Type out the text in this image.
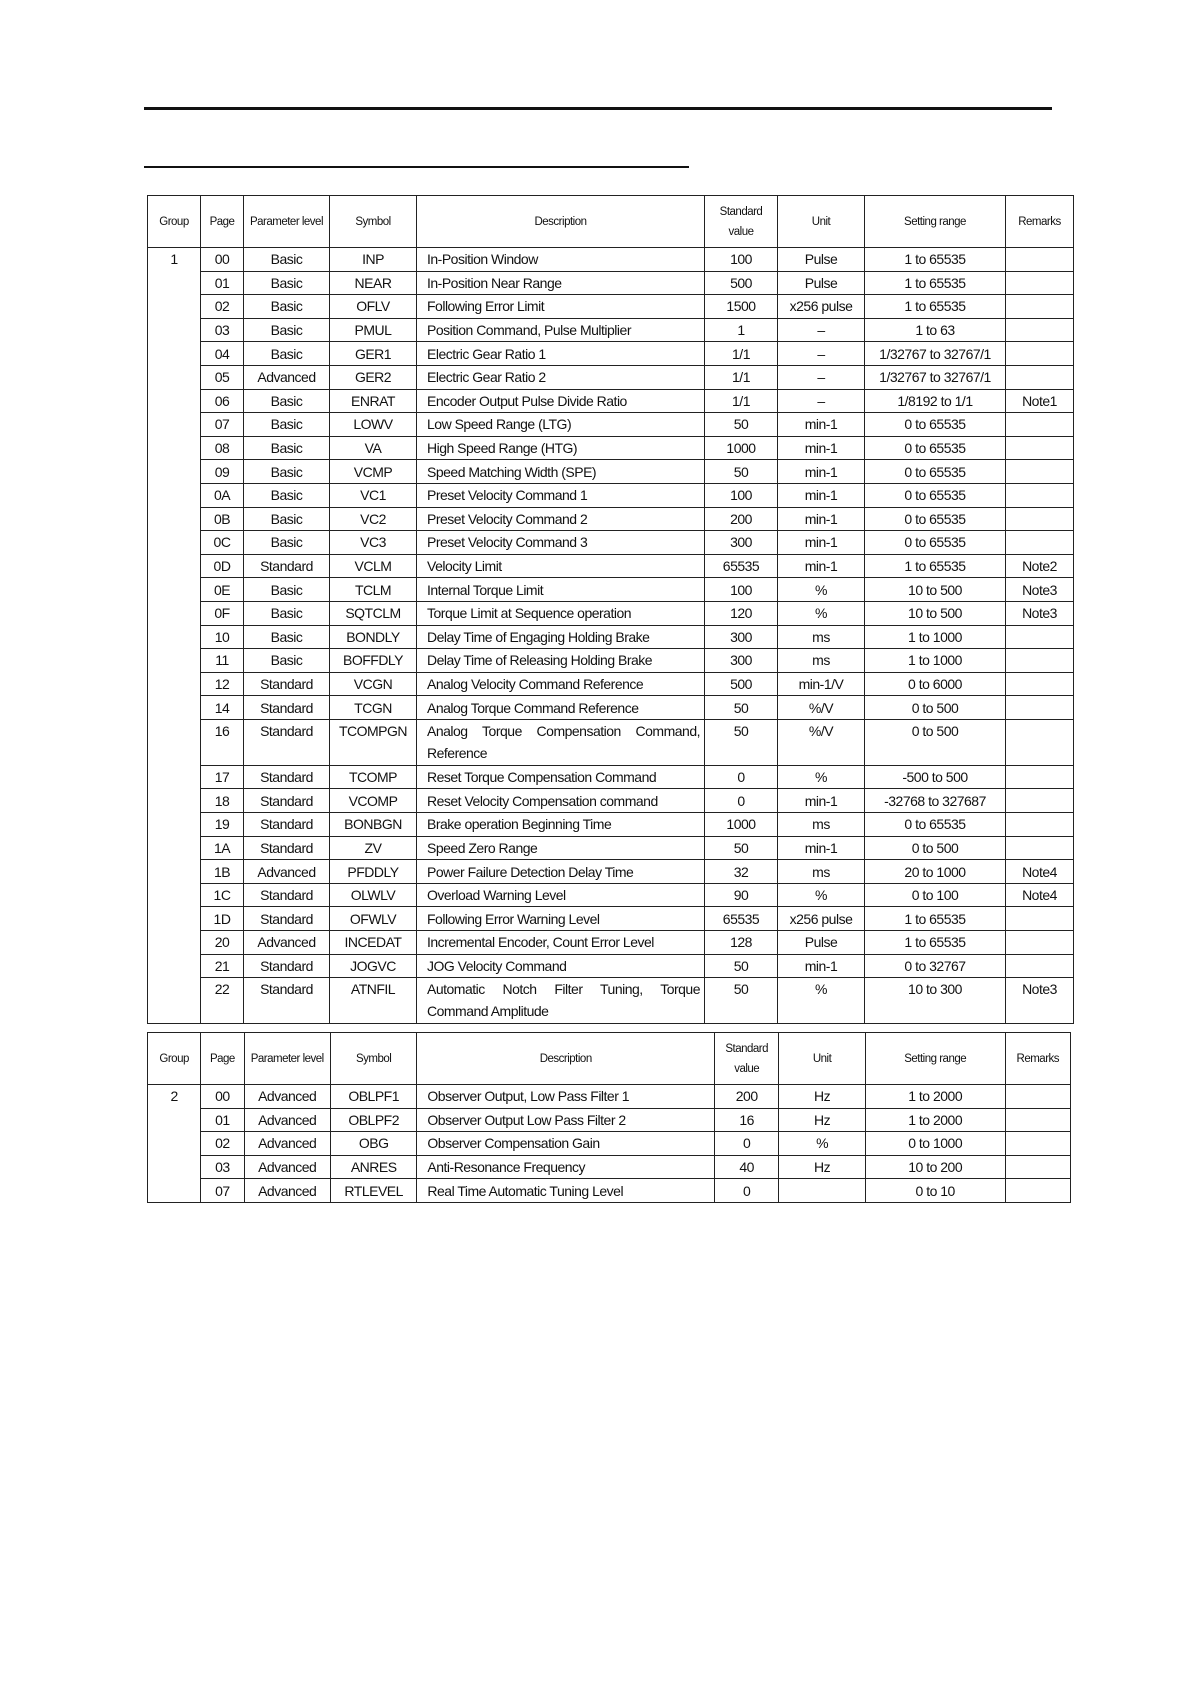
Group	Page	Parameter level	Symbol	Description	Standard value	Unit	Setting range	Remarks
1	00	Basic	INP	In-Position Window	100	Pulse	1 to 65535	
	01	Basic	NEAR	In-Position Near Range	500	Pulse	1 to 65535	
	02	Basic	OFLV	Following Error Limit	1500	x256 pulse	1 to 65535	
	03	Basic	PMUL	Position Command, Pulse Multiplier	1	–	1 to 63	
	04	Basic	GER1	Electric Gear Ratio 1	1/1	–	1/32767 to 32767/1	
	05	Advanced	GER2	Electric Gear Ratio 2	1/1	–	1/32767 to 32767/1	
	06	Basic	ENRAT	Encoder Output Pulse Divide Ratio	1/1	–	1/8192 to 1/1	Note1
	07	Basic	LOWV	Low Speed Range (LTG)	50	min-1	0 to 65535	
	08	Basic	VA	High Speed Range (HTG)	1000	min-1	0 to 65535	
	09	Basic	VCMP	Speed Matching Width (SPE)	50	min-1	0 to 65535	
	0A	Basic	VC1	Preset Velocity Command 1	100	min-1	0 to 65535	
	0B	Basic	VC2	Preset Velocity Command 2	200	min-1	0 to 65535	
	0C	Basic	VC3	Preset Velocity Command 3	300	min-1	0 to 65535	
	0D	Standard	VCLM	Velocity Limit	65535	min-1	1 to 65535	Note2
	0E	Basic	TCLM	Internal Torque Limit	100	%	10 to 500	Note3
	0F	Basic	SQTCLM	Torque Limit at Sequence operation	120	%	10 to 500	Note3
	10	Basic	BONDLY	Delay Time of Engaging Holding Brake	300	ms	1 to 1000	
	11	Basic	BOFFDLY	Delay Time of Releasing Holding Brake	300	ms	1 to 1000	
	12	Standard	VCGN	Analog Velocity Command Reference	500	min-1/V	0 to 6000	
	14	Standard	TCGN	Analog Torque Command Reference	50	%/V	0 to 500	
	16	Standard	TCOMPGN	Analog Torque Compensation Command, Reference	50	%/V	0 to 500	
	17	Standard	TCOMP	Reset Torque Compensation Command	0	%	-500 to 500	
	18	Standard	VCOMP	Reset Velocity Compensation command	0	min-1	-32768 to 327687	
	19	Standard	BONBGN	Brake operation Beginning Time	1000	ms	0 to 65535	
	1A	Standard	ZV	Speed Zero Range	50	min-1	0 to 500	
	1B	Advanced	PFDDLY	Power Failure Detection Delay Time	32	ms	20 to 1000	Note4
	1C	Standard	OLWLV	Overload Warning Level	90	%	0 to 100	Note4
	1D	Standard	OFWLV	Following Error Warning Level	65535	x256 pulse	1 to 65535	
	20	Advanced	INCEDAT	Incremental Encoder, Count Error Level	128	Pulse	1 to 65535	
	21	Standard	JOGVC	JOG Velocity Command	50	min-1	0 to 32767	
	22	Standard	ATNFIL	Automatic Notch Filter Tuning, Torque Command Amplitude	50	%	10 to 300	Note3
Group	Page	Parameter level	Symbol	Description	Standard value	Unit	Setting range	Remarks
2	00	Advanced	OBLPF1	Observer Output, Low Pass Filter 1	200	Hz	1 to 2000	
	01	Advanced	OBLPF2	Observer Output Low Pass Filter 2	16	Hz	1 to 2000	
	02	Advanced	OBG	Observer Compensation Gain	0	%	0 to 1000	
	03	Advanced	ANRES	Anti-Resonance Frequency	40	Hz	10 to 200	
	07	Advanced	RTLEVEL	Real Time Automatic Tuning Level	0		0 to 10	
